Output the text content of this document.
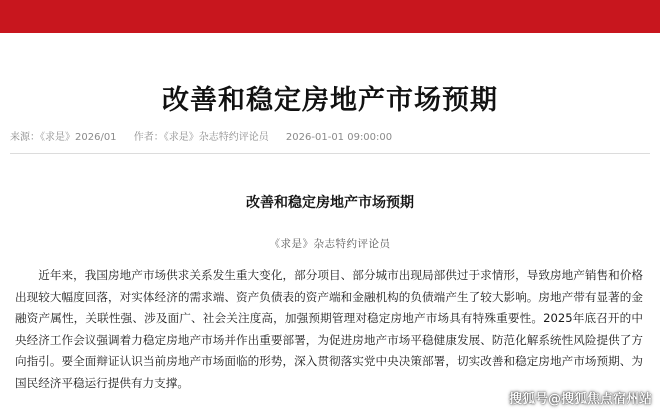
改善和稳定房地产市场预期
来源：《求是》2026/01 作者：《求是》杂志特约评论员 2026-01-01 09:00:00
改善和稳定房地产市场预期
《求是》杂志特约评论员

近年来，我国房地产市场供求关系发生重大变化，部分项目、部分城市出现局部供过于求情形，导致房地产销售和价格出现较大幅度回落，对实体经济的需求端、资产负债表的资产端和金融机构的负债端产生了较大影响。房地产带有显著的金融资产属性，关联性强、涉及面广、社会关注度高，加强预期管理对稳定房地产市场具有特殊重要性。2025年底召开的中央经济工作会议强调着力稳定房地产市场并作出重要部署，为促进房地产市场平稳健康发展、防范化解系统性风险提供了方向指引。要全面辩证认识当前房地产市场面临的形势，深入贯彻落实党中央决策部署，切实改善和稳定房地产市场预期、为国民经济平稳运行提供有力支撑。

搜狐号@搜狐焦点宿州站
